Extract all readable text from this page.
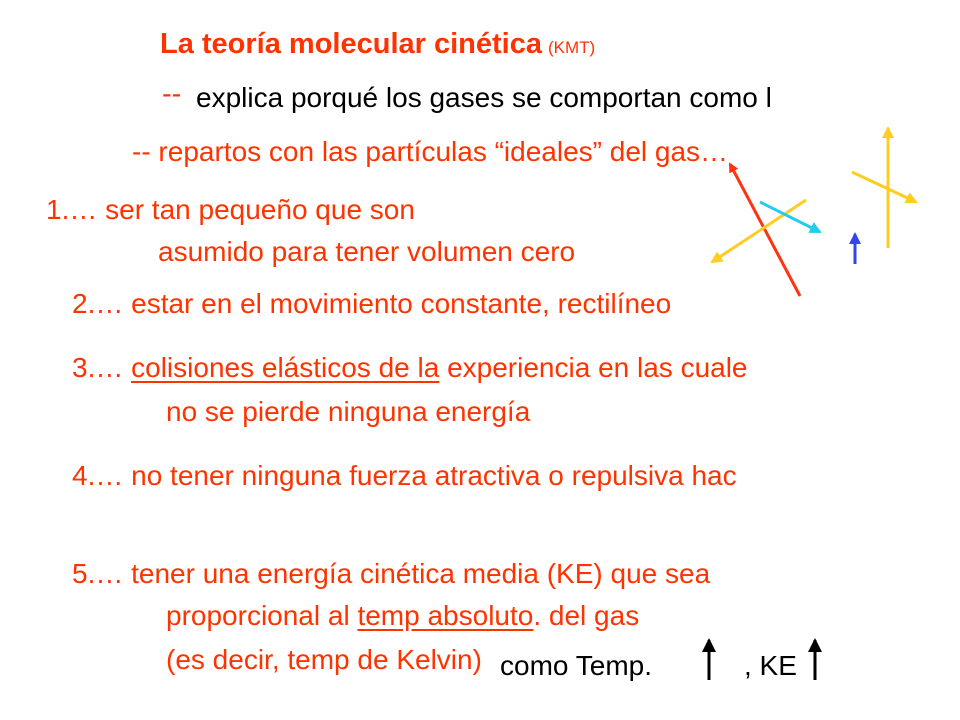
La teoría molecular cinética (KMT)
-- explica porqué los gases se comportan como l
-- repartos con las partículas “ideales” del gas…
1.… ser tan pequeño que son
asumido para tener volumen cero
2.… estar en el movimiento constante, rectilíneo
3.… colisiones elásticos de la experiencia en las cuale
no se pierde ninguna energía
4.… no tener ninguna fuerza atractiva o repulsiva hac
5.… tener una energía cinética media (KE) que sea
proporcional al temp absoluto. del gas
(es decir, temp de Kelvin) como Temp.	, KE
